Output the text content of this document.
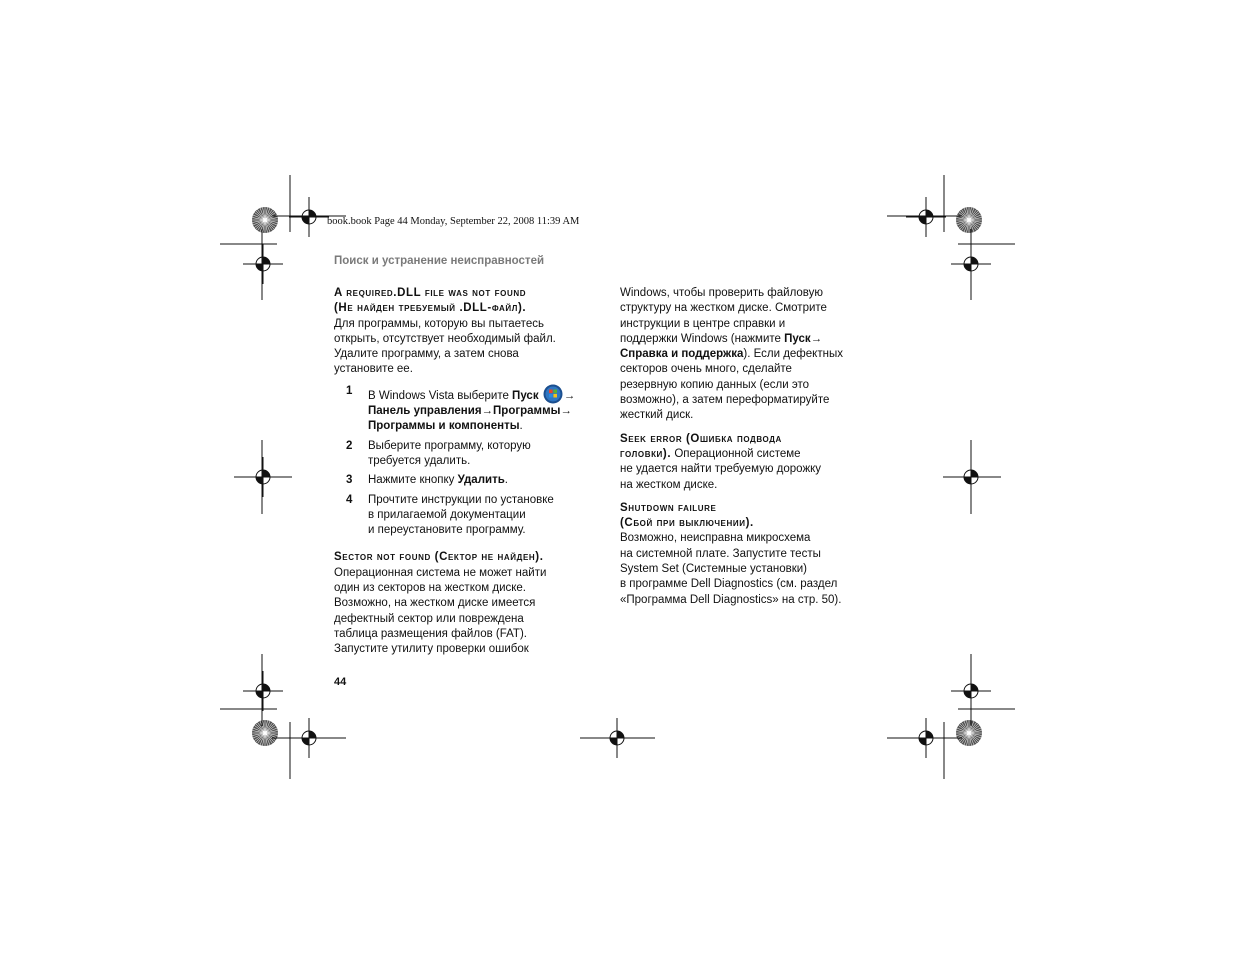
book.book Page 44 Monday, September 22, 2008 11:39 AM
Поиск и устранение неисправностей
A required.DLL file was not found
(Не найден требуемый .DLL-файл).

Для программы, которую вы пытаетесь
открыть, отсутствует необходимый файл.
Удалите программу, а затем снова
установите ее.

1 В Windows Vista выберите Пуск →
Панель управления→Программы→
Программы и компоненты.
2 Выберите программу, которую
требуется удалить.
3 Нажмите кнопку Удалить.
4 Прочтите инструкции по установке
в прилагаемой документации
и переустановите программу.
Sector not found (Сектор не найден).

Операционная система не может найти
один из секторов на жестком диске.
Возможно, на жестком диске имеется
дефектный сектор или повреждена
таблица размещения файлов (FAT).
Запустите утилиту проверки ошибок

Windows, чтобы проверить файловую
структуру на жестком диске. Смотрите
инструкции в центре справки и
поддержки Windows (нажмите Пуск→
Справка и поддержка). Если дефектных
секторов очень много, сделайте
резервную копию данных (если это
возможно), а затем переформатируйте
жесткий диск.

Seek error (Ошибка подвода

головки). Операционной системе
не удается найти требуемую дорожку
на жестком диске.

Shutdown failure
(Сбой при выключении).

Возможно, неисправна микросхема
на системной плате. Запустите тесты
System Set (Системные установки)
в программе Dell Diagnostics (см. раздел
«Программа Dell Diagnostics» на стр. 50).

44
